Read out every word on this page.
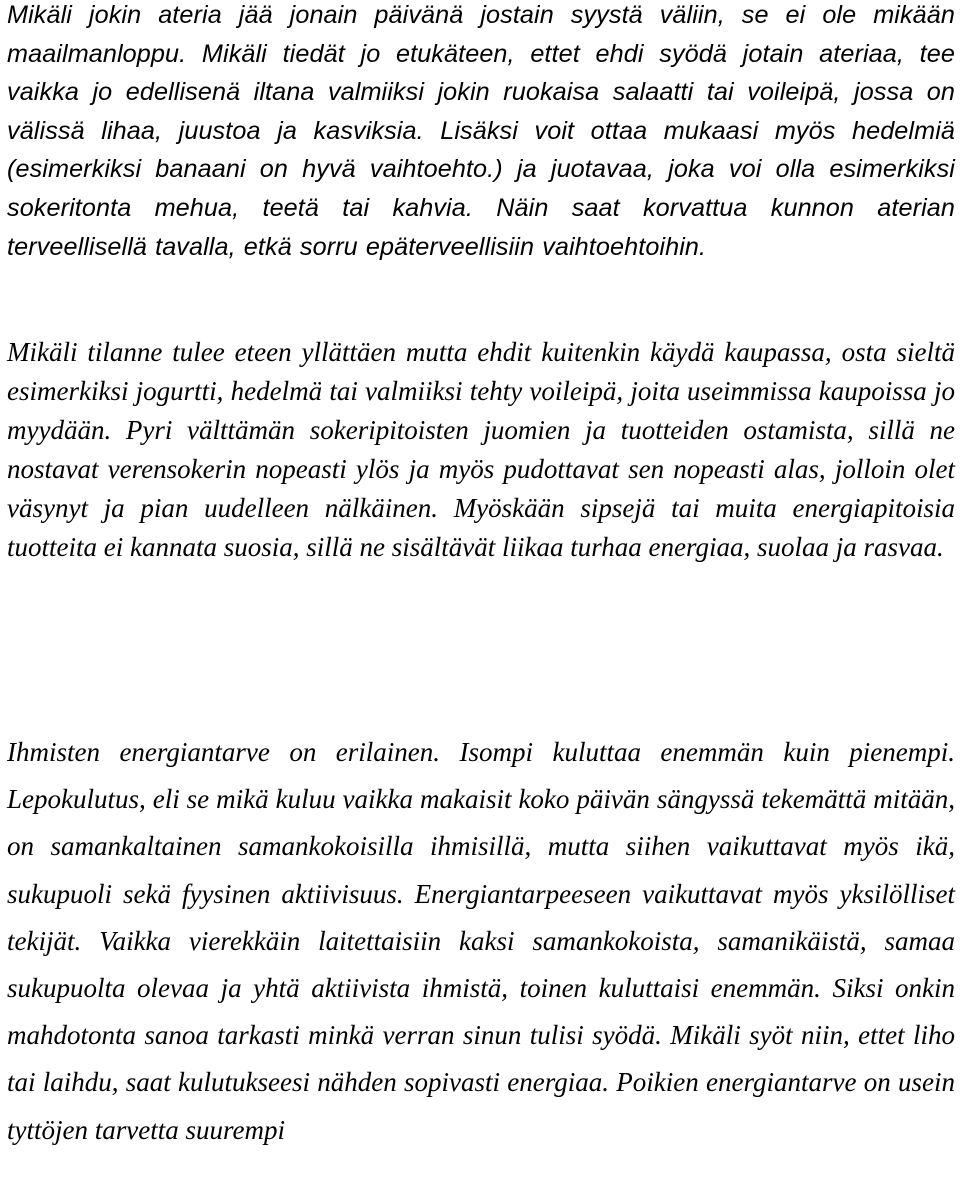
Mikäli jokin ateria jää jonain päivänä jostain syystä väliin, se ei ole mikään maailmanloppu. Mikäli tiedät jo etukäteen, ettet ehdi syödä jotain ateriaa, tee vaikka jo edellisenä iltana valmiiksi jokin ruokaisa salaatti tai voileipä, jossa on välissä lihaa, juustoa ja kasviksia. Lisäksi voit ottaa mukaasi myös hedelmiä (esimerkiksi banaani on hyvä vaihtoehto.) ja juotavaa, joka voi olla esimerkiksi sokeritonta mehua, teetä tai kahvia. Näin saat korvattua kunnon aterian terveellisellä tavalla, etkä sorru epäterveellisiin vaihtoehtoihin.

Mikäli tilanne tulee eteen yllättäen mutta ehdit kuitenkin käydä kaupassa, osta sieltä esimerkiksi jogurtti, hedelmä tai valmiiksi tehty voileipä, joita useimmissa kaupoissa jo myydään. Pyri välttämän sokeripitoisten juomien ja tuotteiden ostamista, sillä ne nostavat verensokerin nopeasti ylös ja myös pudottavat sen nopeasti alas, jolloin olet väsynyt ja pian uudelleen nälkäinen. Myöskään sipsejä tai muita energiapitoisia tuotteita ei kannata suosia, sillä ne sisältävät liikaa turhaa energiaa, suolaa ja rasvaa.

Ihmisten energiantarve on erilainen. Isompi kuluttaa enemmän kuin pienempi. Lepokulutus, eli se mikä kuluu vaikka makaisit koko päivän sängyssä tekemättä mitään, on samankaltainen samankokoisilla ihmisillä, mutta siihen vaikuttavat myös ikä, sukupuoli sekä fyysinen aktiivisuus. Energiantarpeeseen vaikuttavat myös yksilölliset tekijät. Vaikka vierekkäin laitettaisiin kaksi samankokoista, samanikäistä, samaa sukupuolta olevaa ja yhtä aktiivista ihmistä, toinen kuluttaisi enemmän. Siksi onkin mahdotonta sanoa tarkasti minkä verran sinun tulisi syödä. Mikäli syöt niin, ettet liho tai laihdu, saat kulutukseesi nähden sopivasti energiaa. Poikien energiantarve on usein tyttöjen tarvetta suurempi
